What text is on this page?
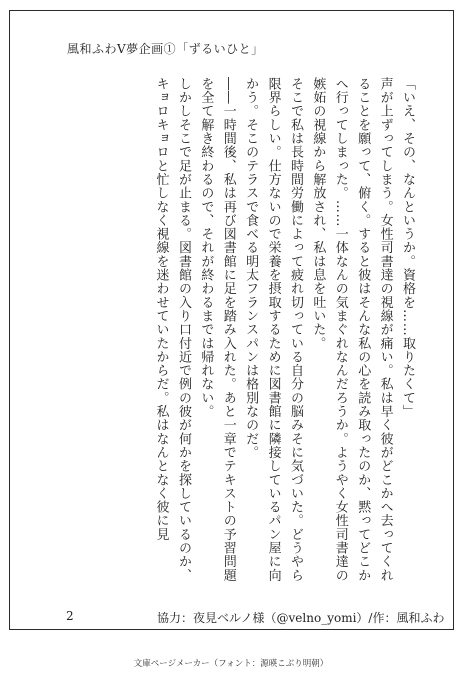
風和ふわV夢企画①「ずるいひと」

「いえ、その、なんというか。資格を……取りたくて」

声が上ずってしまう。女性司書達の視線が痛い。私は早く彼がどこかへ去ってくれることを願って、俯く。すると彼はそんな私の心を読み取ったのか、黙ってどこかへ行ってしまった。……一体なんの気まぐれなんだろうか。ようやく女性司書達の嫉妬の視線から解放され、私は息を吐いた。

そこで私は長時間労働によって疲れ切っている自分の脳みそに気づいた。どうやら限界らしい。仕方ないので栄養を摂取するために図書館に隣接しているパン屋に向かう。そこのテラスで食べる明太フランスパンは格別なのだ。

――一時間後、私は再び図書館に足を踏み入れた。あと一章でテキストの予習問題を全て解き終わるので、それが終わるまでは帰れない。

しかしそこで足が止まる。図書館の入り口付近で例の彼が何かを探しているのか、キョロキョロと忙しなく視線を迷わせていたからだ。私はなんとなく彼に見

2	協力：夜見ベルノ様（@velno_yomi）/作：風和ふわ
文庫ページメーカー（フォント：源暎こぶり明朝）
